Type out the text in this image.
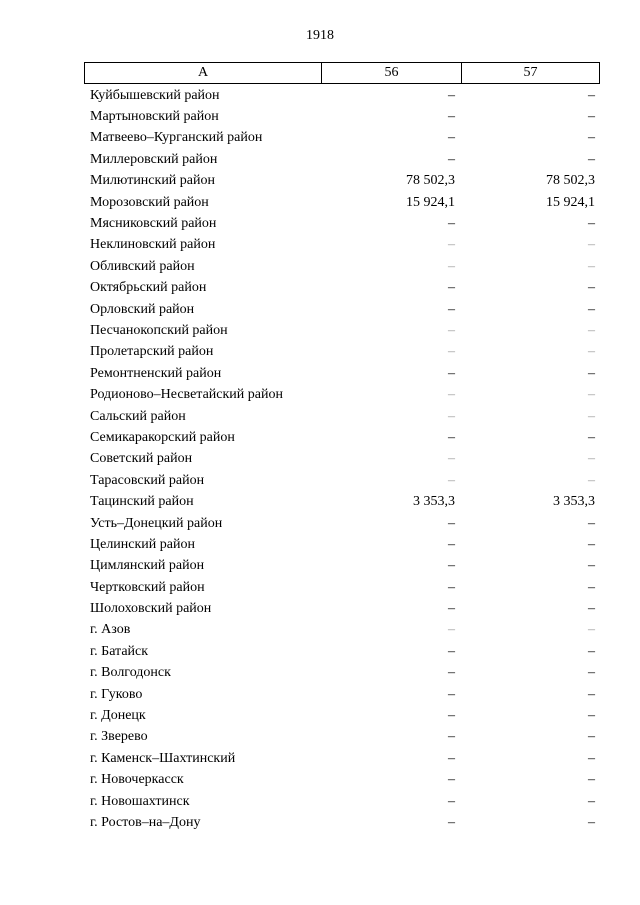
1918
А	56	57
Куйбышевский район	–	–
Мартыновский район	–	–
Матвеево–Курганский район	–	–
Миллеровский район	–	–
Милютинский район	78 502,3	78 502,3
Морозовский район	15 924,1	15 924,1
Мясниковский район	–	–
Неклиновский район	–	–
Обливский район	–	–
Октябрьский район	–	–
Орловский район	–	–
Песчанокопский район	–	–
Пролетарский район	–	–
Ремонтненский район	–	–
Родионово–Несветайский район	–	–
Сальский район	–	–
Семикаракорский район	–	–
Советский район	–	–
Тарасовский район	–	–
Тацинский район	3 353,3	3 353,3
Усть–Донецкий район	–	–
Целинский район	–	–
Цимлянский район	–	–
Чертковский район	–	–
Шолоховский район	–	–
г. Азов	–	–
г. Батайск	–	–
г. Волгодонск	–	–
г. Гуково	–	–
г. Донецк	–	–
г. Зверево	–	–
г. Каменск–Шахтинский	–	–
г. Новочеркасск	–	–
г. Новошахтинск	–	–
г. Ростов–на–Дону	–	–
